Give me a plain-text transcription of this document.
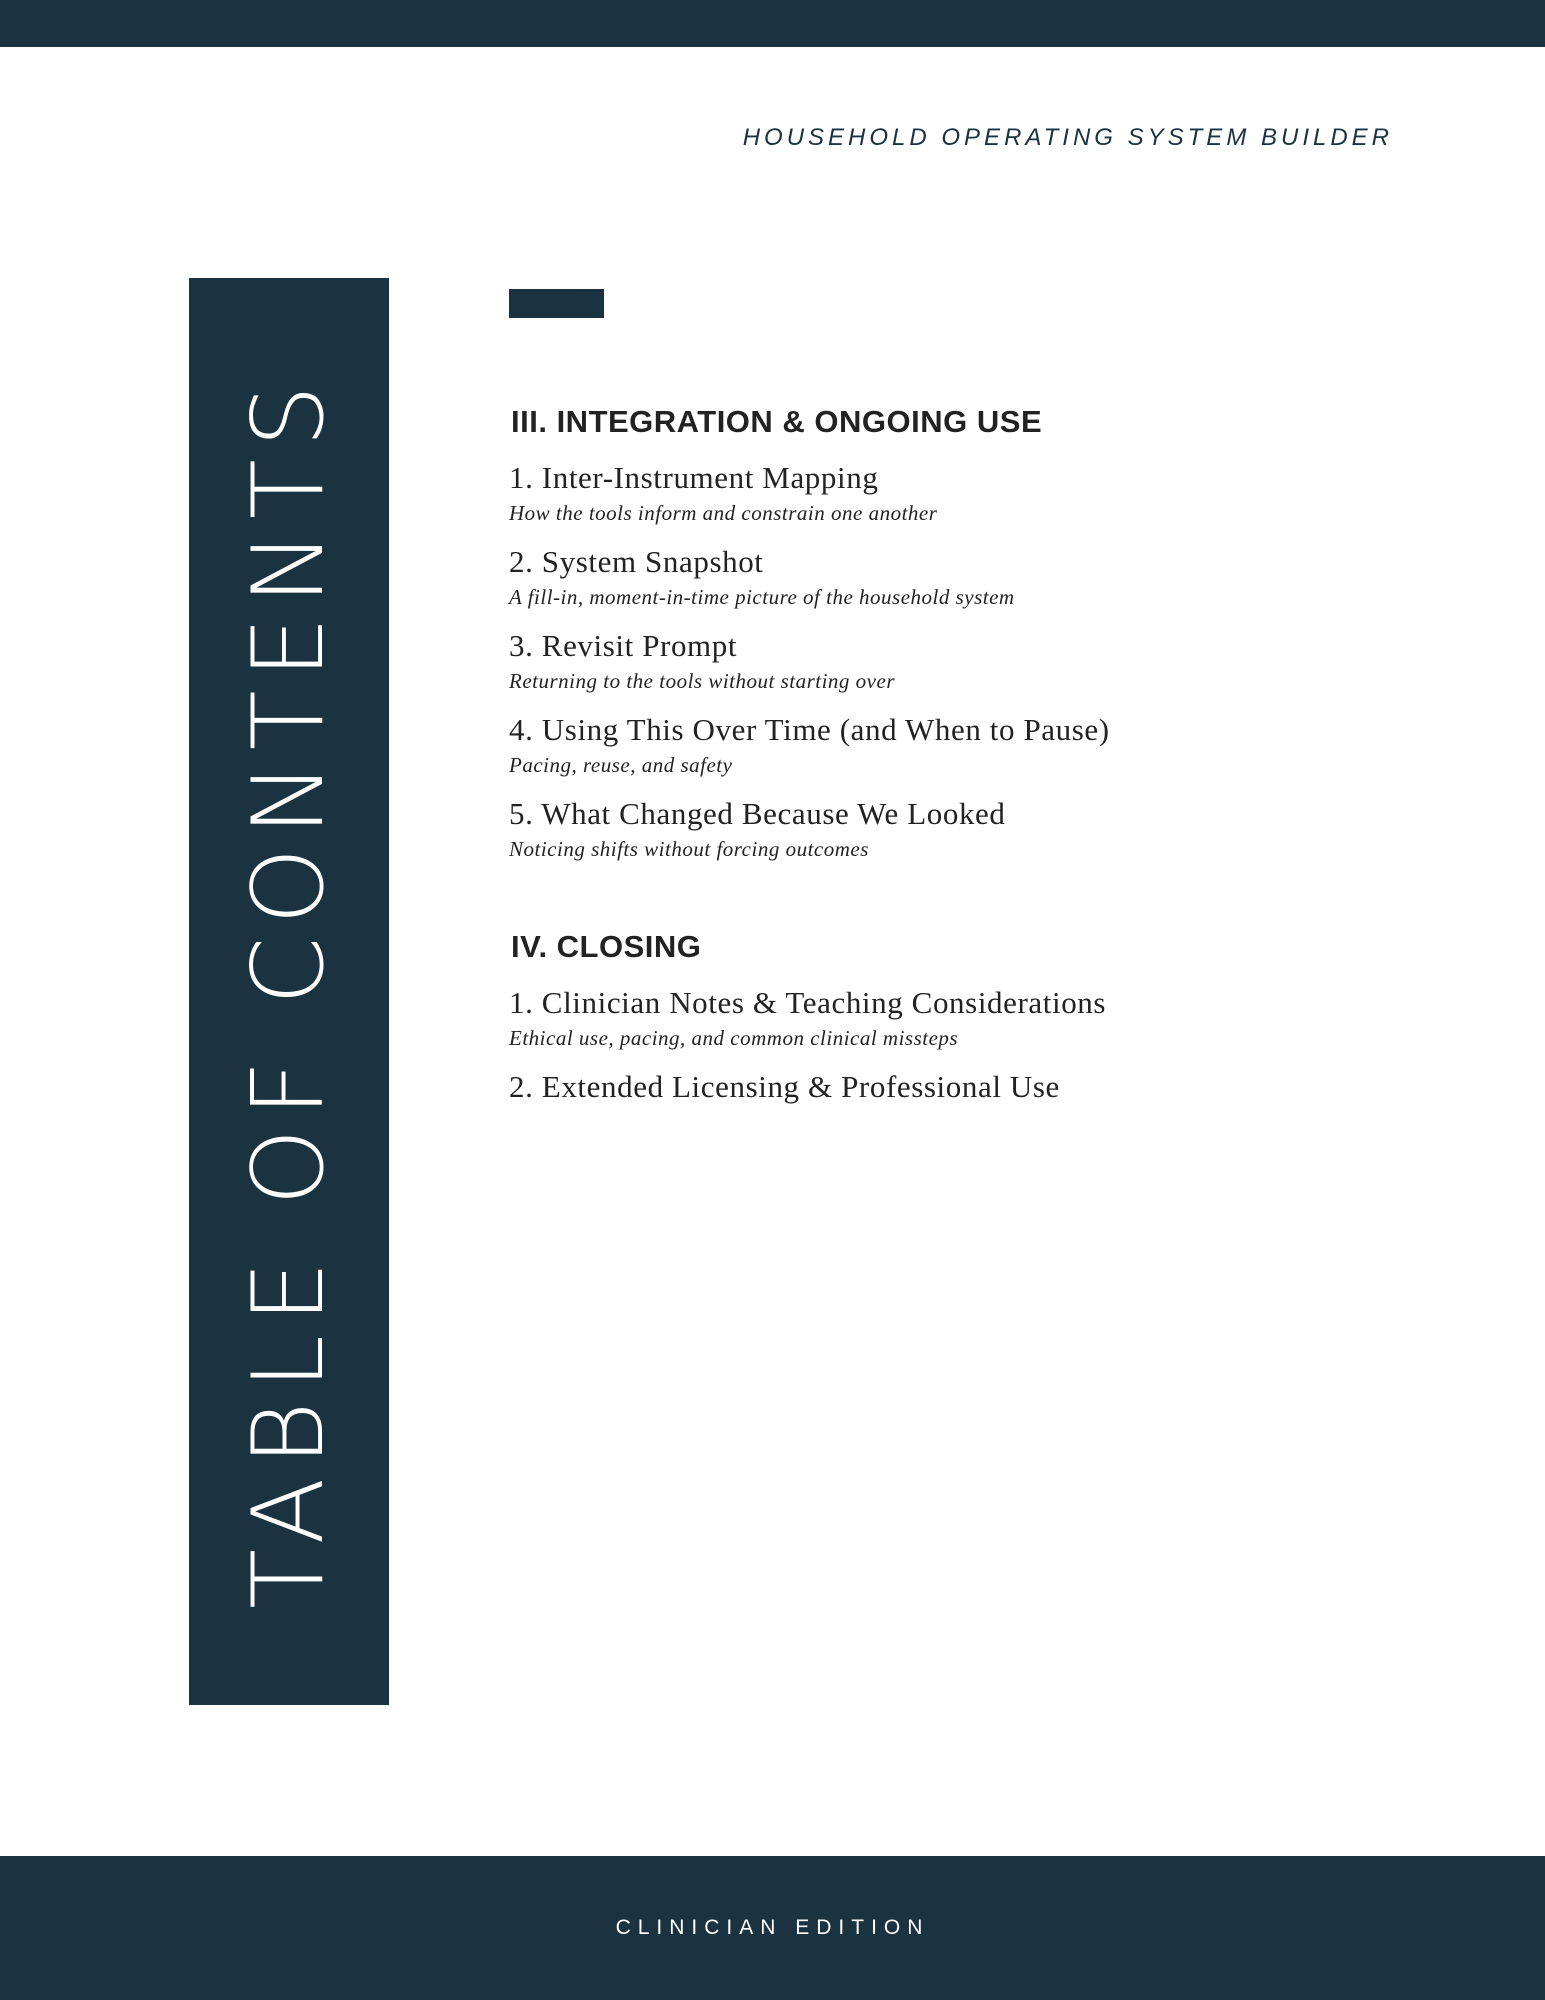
HOUSEHOLD OPERATING SYSTEM BUILDER
TABLE OF CONTENTS	III. INTEGRATION & ONGOING USE
1. Inter-Instrument Mapping
How the tools inform and constrain one another
2. System Snapshot
A fill-in, moment-in-time picture of the household system
3. Revisit Prompt
Returning to the tools without starting over
4. Using This Over Time (and When to Pause)
Pacing, reuse, and safety
5. What Changed Because We Looked
Noticing shifts without forcing outcomes
IV. CLOSING
1. Clinician Notes & Teaching Considerations
Ethical use, pacing, and common clinical missteps
2. Extended Licensing & Professional Use
CLINICIAN EDITION
